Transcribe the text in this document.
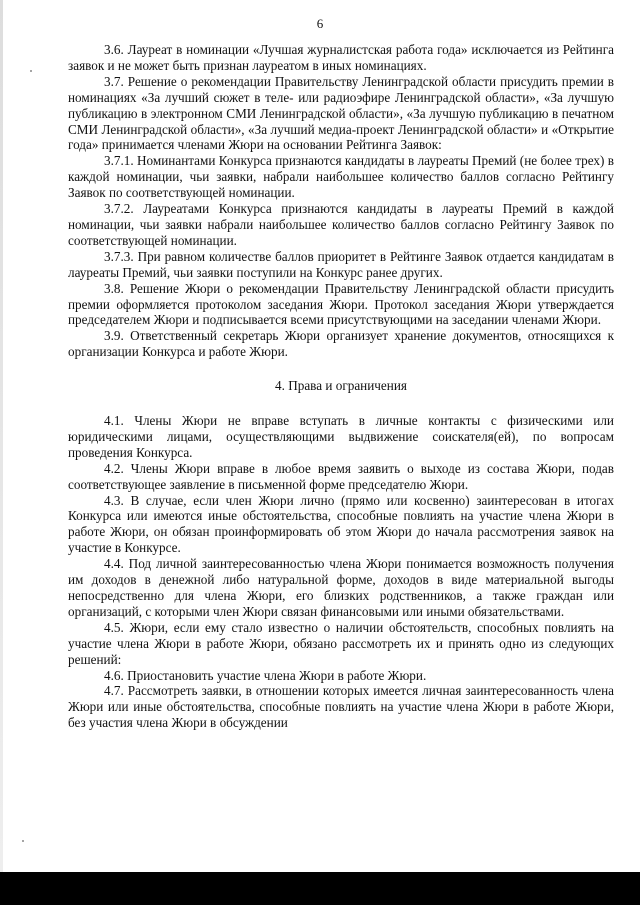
6

3.6. Лауреат в номинации «Лучшая журналистская работа года» исключается из Рейтинга заявок и не может быть признан лауреатом в иных номинациях.

3.7. Решение о рекомендации Правительству Ленинградской области присудить премии в номинациях «За лучший сюжет в теле- или радиоэфире Ленинградской области», «За лучшую публикацию в электронном СМИ Ленинградской области», «За лучшую публикацию в печатном СМИ Ленинградской области», «За лучший медиа-проект Ленинградской области» и «Открытие года» принимается членами Жюри на основании Рейтинга Заявок:

3.7.1. Номинантами Конкурса признаются кандидаты в лауреаты Премий (не более трех) в каждой номинации, чьи заявки, набрали наибольшее количество баллов согласно Рейтингу Заявок по соответствующей номинации.

3.7.2. Лауреатами Конкурса признаются кандидаты в лауреаты Премий в каждой номинации, чьи заявки набрали наибольшее количество баллов согласно Рейтингу Заявок по соответствующей номинации.

3.7.3. При равном количестве баллов приоритет в Рейтинге Заявок отдается кандидатам в лауреаты Премий, чьи заявки поступили на Конкурс ранее других.

3.8. Решение Жюри о рекомендации Правительству Ленинградской области присудить премии оформляется протоколом заседания Жюри. Протокол заседания Жюри утверждается председателем Жюри и подписывается всеми присутствующими на заседании членами Жюри.

3.9. Ответственный секретарь Жюри организует хранение документов, относящихся к организации Конкурса и работе Жюри.

4. Права и ограничения

4.1. Члены Жюри не вправе вступать в личные контакты с физическими или юридическими лицами, осуществляющими выдвижение соискателя(ей), по вопросам проведения Конкурса.

4.2. Члены Жюри вправе в любое время заявить о выходе из состава Жюри, подав соответствующее заявление в письменной форме председателю Жюри.

4.3. В случае, если член Жюри лично (прямо или косвенно) заинтересован в итогах Конкурса или имеются иные обстоятельства, способные повлиять на участие члена Жюри в работе Жюри, он обязан проинформировать об этом Жюри до начала рассмотрения заявок на участие в Конкурсе.

4.4. Под личной заинтересованностью члена Жюри понимается возможность получения им доходов в денежной либо натуральной форме, доходов в виде материальной выгоды непосредственно для члена Жюри, его близких родственников, а также граждан или организаций, с которыми член Жюри связан финансовыми или иными обязательствами.

4.5. Жюри, если ему стало известно о наличии обстоятельств, способных повлиять на участие члена Жюри в работе Жюри, обязано рассмотреть их и принять одно из следующих решений:

4.6. Приостановить участие члена Жюри в работе Жюри.

4.7. Рассмотреть заявки, в отношении которых имеется личная заинтересованность члена Жюри или иные обстоятельства, способные повлиять на участие члена Жюри в работе Жюри, без участия члена Жюри в обсуждении
